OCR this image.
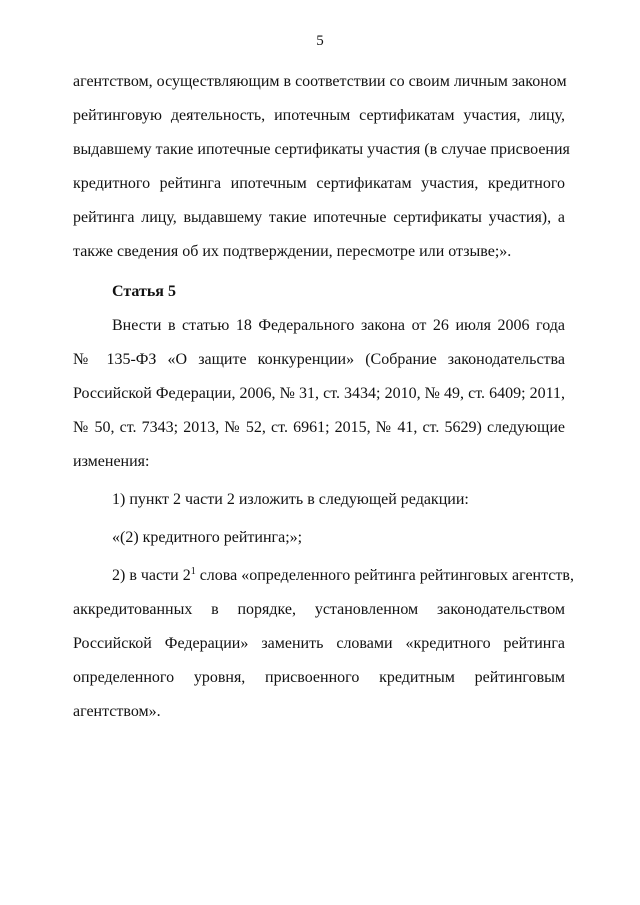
5

агентством, осуществляющим в соответствии со своим личным законом
рейтинговую деятельность, ипотечным сертификатам участия, лицу,
выдавшему такие ипотечные сертификаты участия (в случае присвоения
кредитного рейтинга ипотечным сертификатам участия, кредитного
рейтинга лицу, выдавшему такие ипотечные сертификаты участия), а
также сведения об их подтверждении, пересмотре или отзыве;».

Статья 5

Внести в статью 18 Федерального закона от 26 июля 2006 года
№ 135-ФЗ «О защите конкуренции» (Собрание законодательства
Российской Федерации, 2006, № 31, ст. 3434; 2010, № 49, ст. 6409; 2011,
№ 50, ст. 7343; 2013, № 52, ст. 6961; 2015, № 41, ст. 5629) следующие
изменения:

1) пункт 2 части 2 изложить в следующей редакции:

«(2) кредитного рейтинга;»;

2) в части $2^1$ слова «определенного рейтинга рейтинговых агентств,
аккредитованных в порядке, установленном законодательством
Российской Федерации» заменить словами «кредитного рейтинга
определенного уровня, присвоенного кредитным рейтинговым
агентством».
